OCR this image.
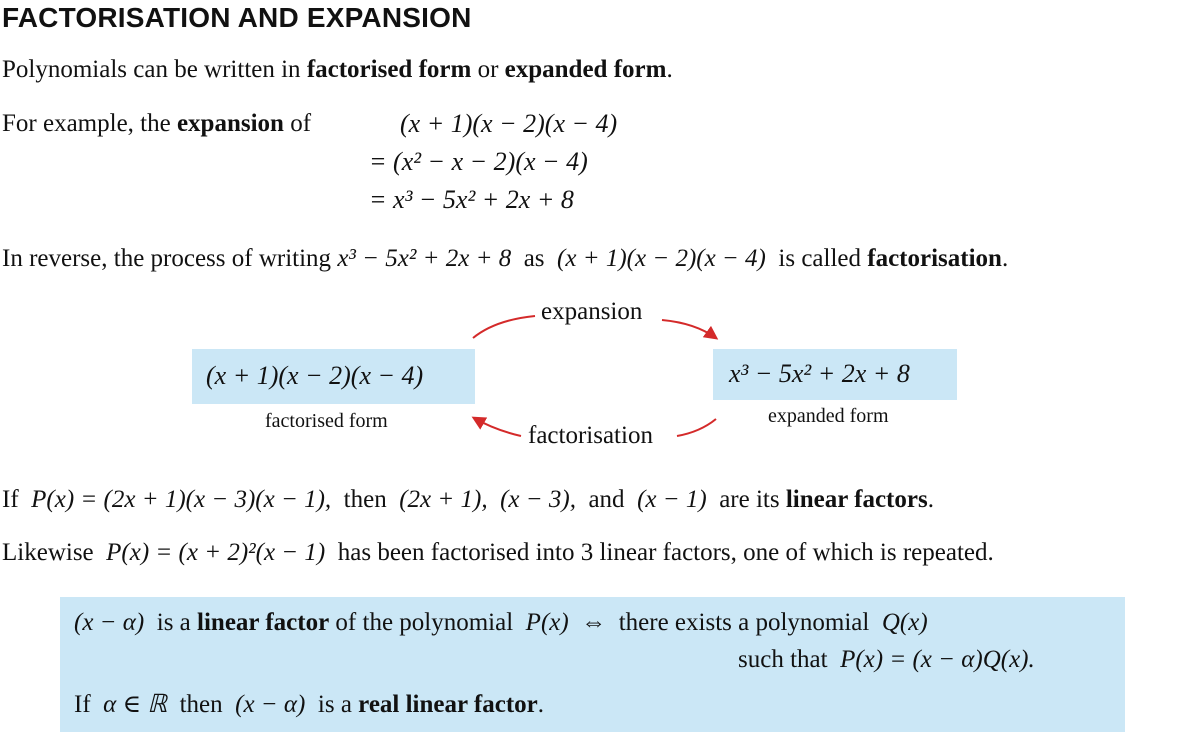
FACTORISATION AND EXPANSION
Polynomials can be written in factorised form or expanded form.
For example, the expansion of	(x + 1)(x − 2)(x − 4)
= (x² − x − 2)(x − 4)
= x³ − 5x² + 2x + 8
In reverse, the process of writing x³ − 5x² + 2x + 8 as (x + 1)(x − 2)(x − 4) is called factorisation.
(x + 1)(x − 2)(x − 4)	x³ − 5x² + 2x + 8
factorised form	expanded form
expansion
factorisation
If P(x) = (2x + 1)(x − 3)(x − 1), then (2x + 1), (x − 3), and (x − 1) are its linear factors.
Likewise P(x) = (x + 2)²(x − 1) has been factorised into 3 linear factors, one of which is repeated.
(x − α) is a linear factor of the polynomial P(x) ⇔ there exists a polynomial Q(x)
such that P(x) = (x − α)Q(x).
If α ∈ ℝ then (x − α) is a real linear factor.
